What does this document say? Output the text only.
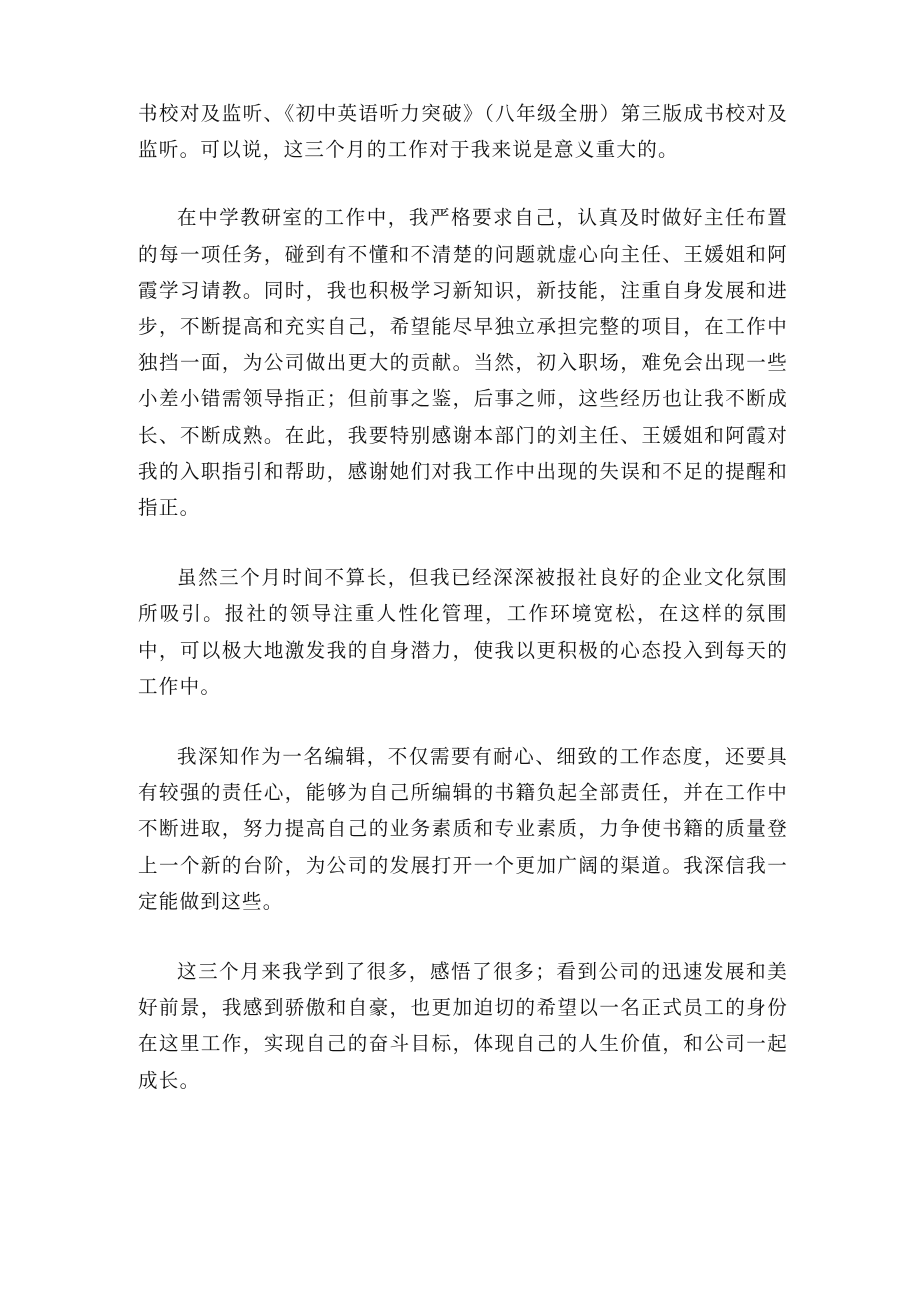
书校对及监听、《初中英语听力突破》（八年级全册）第三版成书校对及监听。可以说，这三个月的工作对于我来说是意义重大的。

在中学教研室的工作中，我严格要求自己，认真及时做好主任布置的每一项任务，碰到有不懂和不清楚的问题就虚心向主任、王媛姐和阿霞学习请教。同时，我也积极学习新知识，新技能，注重自身发展和进步，不断提高和充实自己，希望能尽早独立承担完整的项目，在工作中独挡一面，为公司做出更大的贡献。当然，初入职场，难免会出现一些小差小错需领导指正；但前事之鉴，后事之师，这些经历也让我不断成长、不断成熟。在此，我要特别感谢本部门的刘主任、王媛姐和阿霞对我的入职指引和帮助，感谢她们对我工作中出现的失误和不足的提醒和指正。

虽然三个月时间不算长，但我已经深深被报社良好的企业文化氛围所吸引。报社的领导注重人性化管理，工作环境宽松，在这样的氛围中，可以极大地激发我的自身潜力，使我以更积极的心态投入到每天的工作中。

我深知作为一名编辑，不仅需要有耐心、细致的工作态度，还要具有较强的责任心，能够为自己所编辑的书籍负起全部责任，并在工作中不断进取，努力提高自己的业务素质和专业素质，力争使书籍的质量登上一个新的台阶，为公司的发展打开一个更加广阔的渠道。我深信我一定能做到这些。

这三个月来我学到了很多，感悟了很多；看到公司的迅速发展和美好前景，我感到骄傲和自豪，也更加迫切的希望以一名正式员工的身份在这里工作，实现自己的奋斗目标，体现自己的人生价值，和公司一起成长。
